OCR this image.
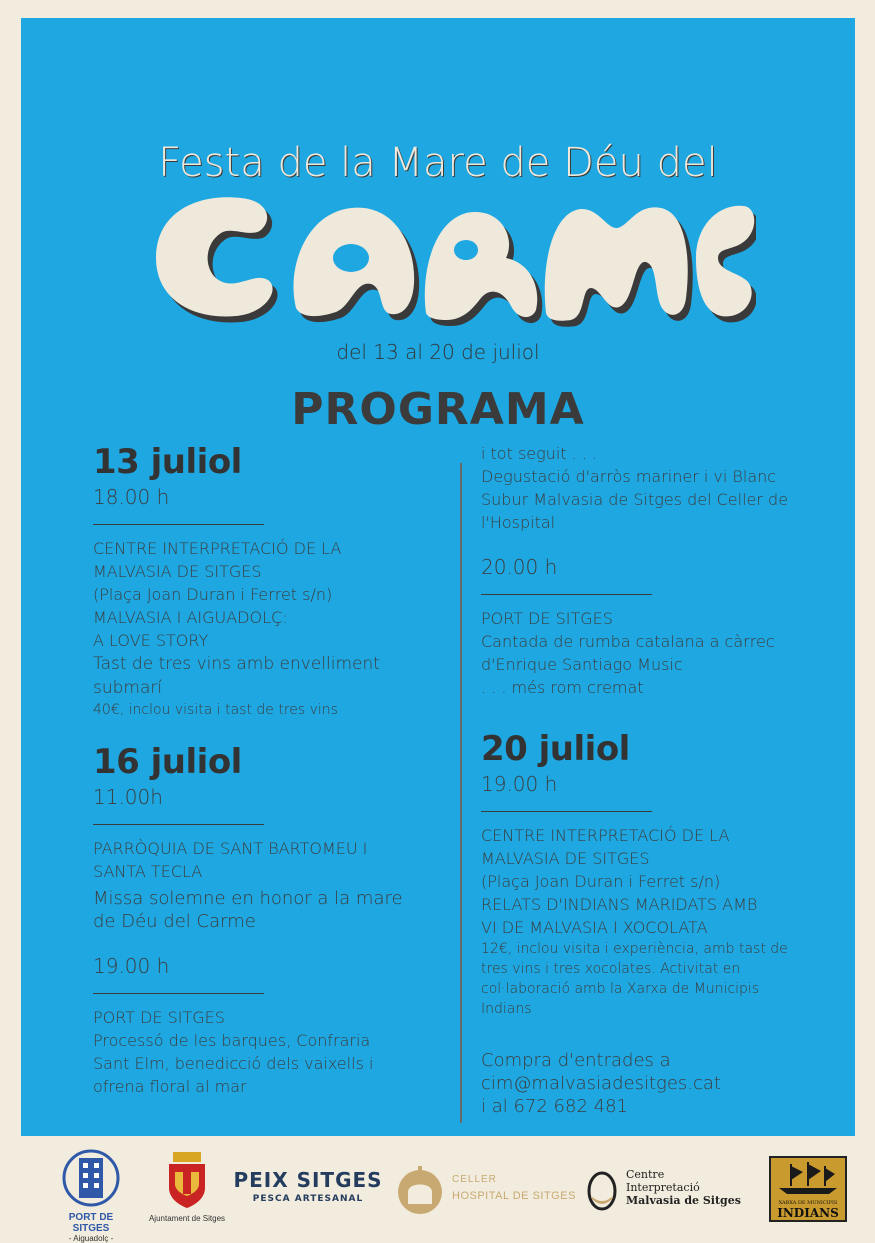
Festa de la Mare de Déu del
del 13 al 20 de juliol
PROGRAMA
13 juliol
18.00 h
CENTRE INTERPRETACIÓ DE LA
MALVASIA DE SITGES
(Plaça Joan Duran i Ferret s/n)
MALVASIA I AIGUADOLÇ:
A LOVE STORY
Tast de tres vins amb envelliment
submarí
40€, inclou visita i tast de tres vins
16 juliol
11.00h
PARRÒQUIA DE SANT BARTOMEU I
SANTA TECLA
Missa solemne en honor a la mare
de Déu del Carme
19.00 h
PORT DE SITGES
Processó de les barques, Confraria
Sant Elm, benedicció dels vaixells i
ofrena floral al mar
i tot seguit . . .
Degustació d'arròs mariner i vi Blanc
Subur Malvasia de Sitges del Celler de
l'Hospital
20.00 h
PORT DE SITGES
Cantada de rumba catalana a càrrec
d'Enrique Santiago Music
. . . més rom cremat
20 juliol
19.00 h
CENTRE INTERPRETACIÓ DE LA
MALVASIA DE SITGES
(Plaça Joan Duran i Ferret s/n)
RELATS D'INDIANS MARIDATS AMB
VI DE MALVASIA I XOCOLATA
12€, inclou visita i experiència, amb tast de
tres vins i tres xocolates. Activitat en
col·laboració amb la Xarxa de Municipis
Indians
Compra d'entrades a
cim@malvasiadesitges.cat
i al 672 682 481
PORT DE SITGES
- Aiguadolç -
Ajuntament de Sitges
PEIX SITGES
PESCA ARTESANAL
CELLER
HOSPITAL DE SITGES
Centre
Interpretació
Malvasia de Sitges	XARXA DE MUNICIPIS
INDIANS
